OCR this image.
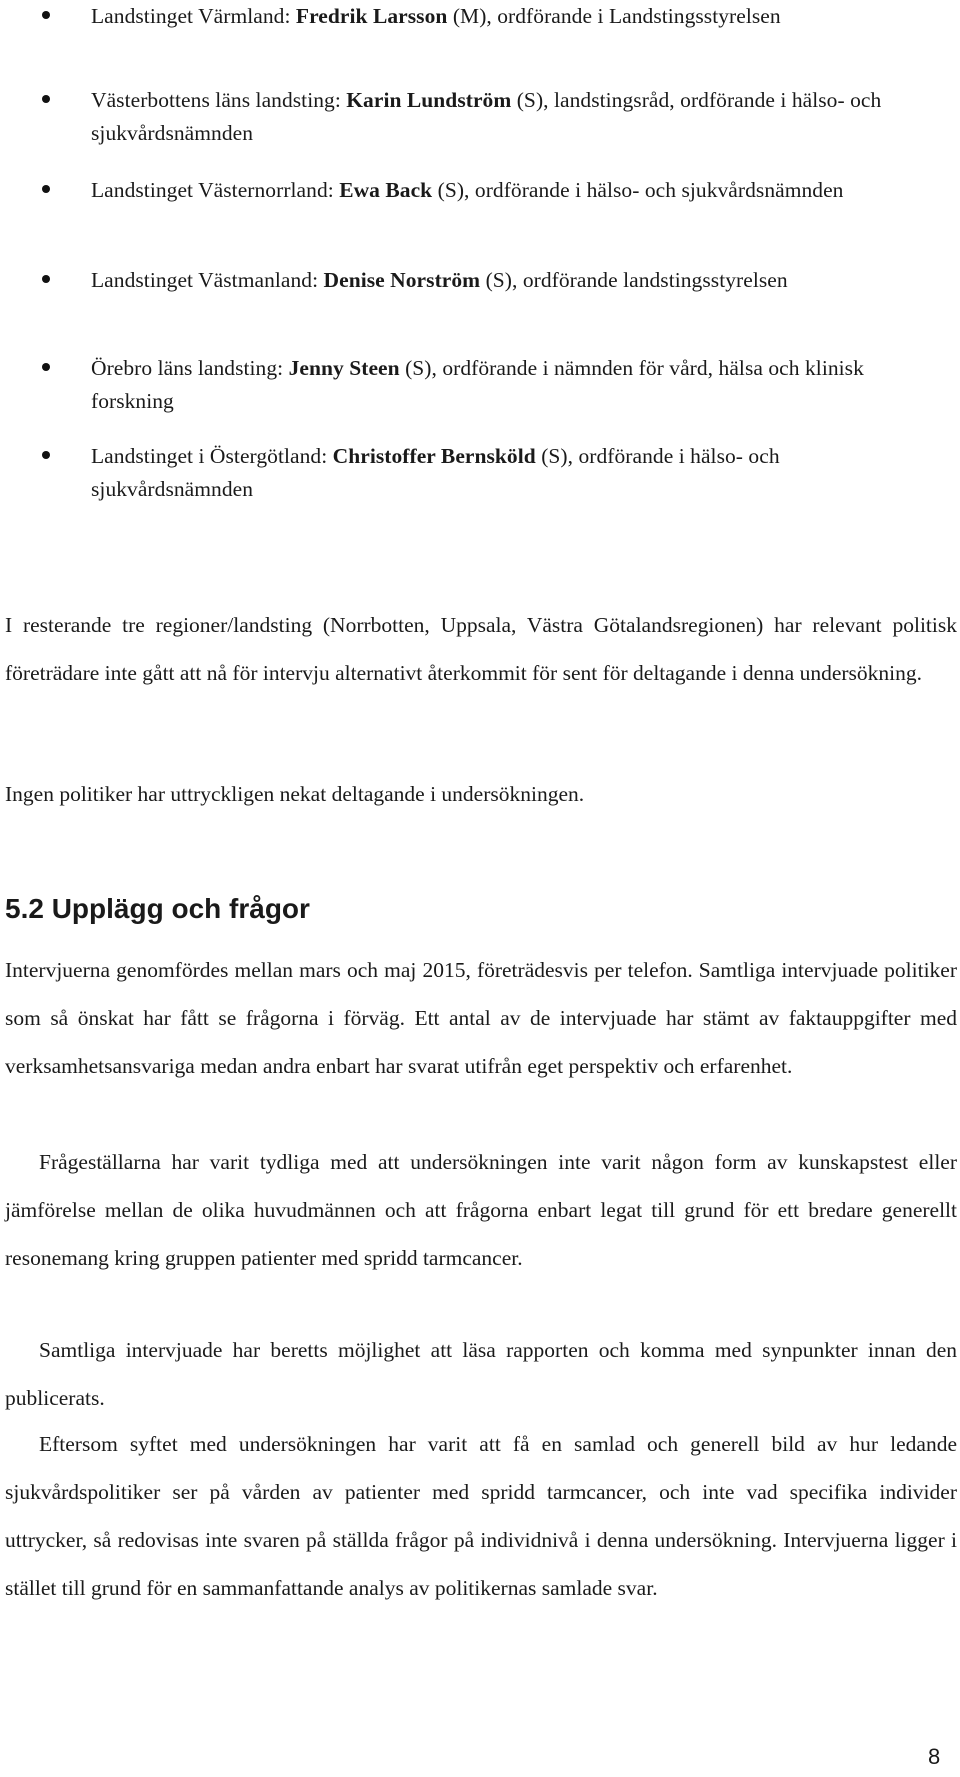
Landstinget Värmland: Fredrik Larsson (M), ordförande i Landstingsstyrelsen
Västerbottens läns landsting: Karin Lundström (S), landstingsråd, ordförande i hälso- och sjukvårdsnämnden
Landstinget Västernorrland: Ewa Back (S), ordförande i hälso- och sjukvårdsnämnden
Landstinget Västmanland: Denise Norström (S), ordförande landstingsstyrelsen
Örebro läns landsting: Jenny Steen (S), ordförande i nämnden för vård, hälsa och klinisk forskning
Landstinget i Östergötland: Christoffer Bernsköld (S), ordförande i hälso- och sjukvårdsnämnden

I resterande tre regioner/landsting (Norrbotten, Uppsala, Västra Götalandsregionen) har relevant politisk företrädare inte gått att nå för intervju alternativt återkommit för sent för deltagande i denna undersökning.

Ingen politiker har uttryckligen nekat deltagande i undersökningen.

5.2 Upplägg och frågor

Intervjuerna genomfördes mellan mars och maj 2015, företrädesvis per telefon. Samtliga intervjuade politiker som så önskat har fått se frågorna i förväg. Ett antal av de intervjuade har stämt av faktauppgifter med verksamhetsansvariga medan andra enbart har svarat utifrån eget perspektiv och erfarenhet.

Frågeställarna har varit tydliga med att undersökningen inte varit någon form av kunskapstest eller jämförelse mellan de olika huvudmännen och att frågorna enbart legat till grund för ett bredare generellt resonemang kring gruppen patienter med spridd tarmcancer.

Samtliga intervjuade har beretts möjlighet att läsa rapporten och komma med synpunkter innan den publicerats.

Eftersom syftet med undersökningen har varit att få en samlad och generell bild av hur ledande sjukvårdspolitiker ser på vården av patienter med spridd tarmcancer, och inte vad specifika individer uttrycker, så redovisas inte svaren på ställda frågor på individnivå i denna undersökning. Intervjuerna ligger i stället till grund för en sammanfattande analys av politikernas samlade svar.

8
